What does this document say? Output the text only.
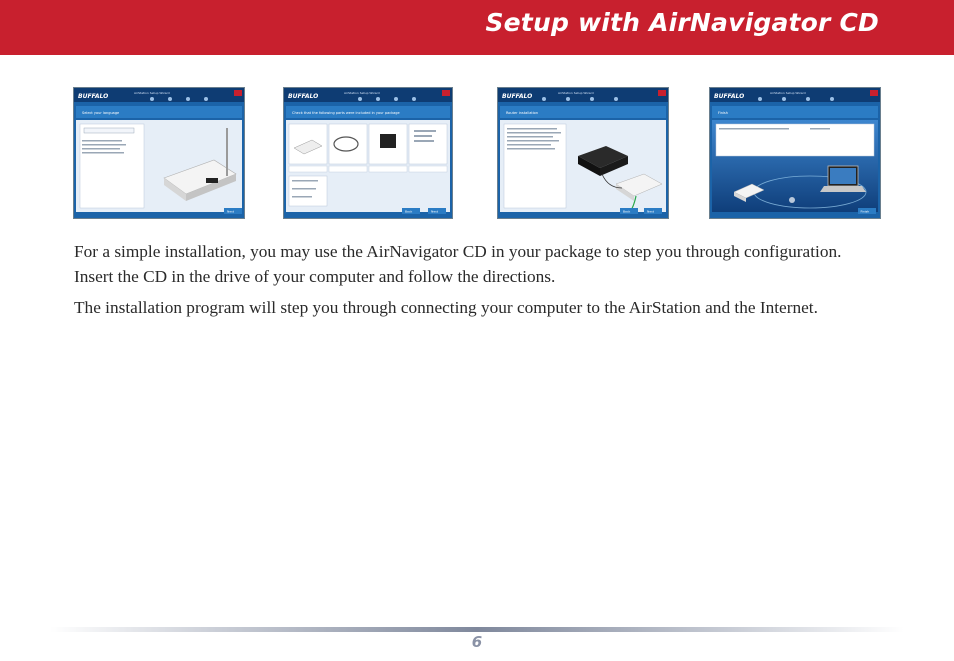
Setup with AirNavigator CD
BUFFALO	AirStation Setup Wizard
Select your language
Next
BUFFALO	AirStation Setup Wizard
Check that the following parts were included in your package
Back	Next
BUFFALO	AirStation Setup Wizard
Router installation
Back	Next
BUFFALO	AirStation Setup Wizard
Finish
Finish

For a simple installation, you may use the AirNavigator CD in your package to step you through configuration. Insert the CD in the drive of your computer and follow the directions.

The installation program will step you through connecting your computer to the AirStation and the Internet.

6
